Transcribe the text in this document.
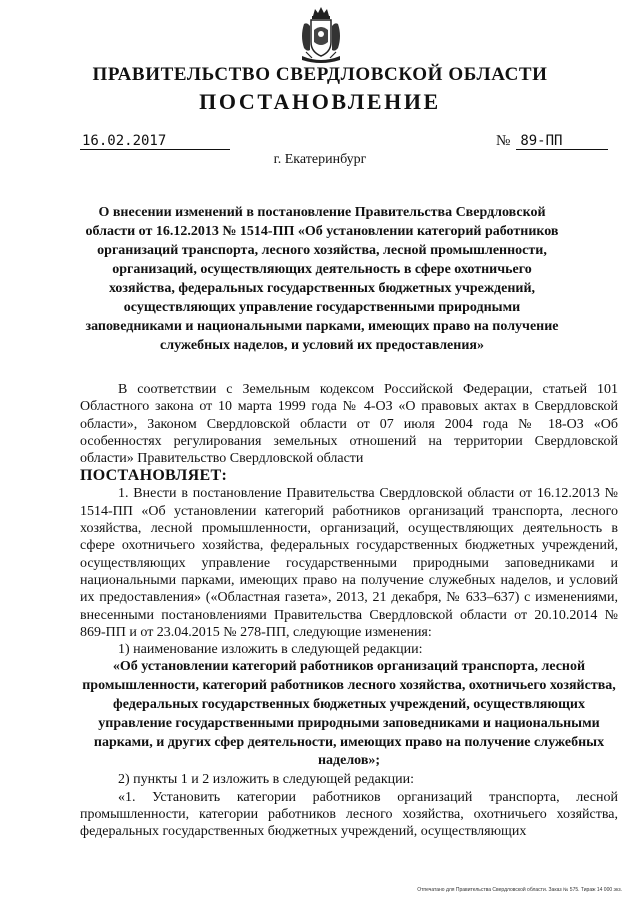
ПРАВИТЕЛЬСТВО СВЕРДЛОВСКОЙ ОБЛАСТИ
ПОСТАНОВЛЕНИЕ
16.02.2017	№ 89-ПП
г. Екатеринбург
О внесении изменений в постановление Правительства Свердловской области от 16.12.2013 № 1514-ПП «Об установлении категорий работников организаций транспорта, лесного хозяйства, лесной промышленности, организаций, осуществляющих деятельность в сфере охотничьего хозяйства, федеральных государственных бюджетных учреждений, осуществляющих управление государственными природными заповедниками и национальными парками, имеющих право на получение служебных наделов, и условий их предоставления»

В соответствии с Земельным кодексом Российской Федерации, статьей 101 Областного закона от 10 марта 1999 года № 4-ОЗ «О правовых актах в Свердловской области», Законом Свердловской области от 07 июля 2004 года № 18-ОЗ «Об особенностях регулирования земельных отношений на территории Свердловской области» Правительство Свердловской области

ПОСТАНОВЛЯЕТ:

1. Внести в постановление Правительства Свердловской области от 16.12.2013 № 1514-ПП «Об установлении категорий работников организаций транспорта, лесного хозяйства, лесной промышленности, организаций, осуществляющих деятельность в сфере охотничьего хозяйства, федеральных государственных бюджетных учреждений, осуществляющих управление государственными природными заповедниками и национальными парками, имеющих право на получение служебных наделов, и условий их предоставления» («Областная газета», 2013, 21 декабря, № 633–637) с изменениями, внесенными постановлениями Правительства Свердловской области от 20.10.2014 № 869-ПП и от 23.04.2015 № 278-ПП, следующие изменения:

1) наименование изложить в следующей редакции:

«Об установлении категорий работников организаций транспорта, лесной промышленности, категорий работников лесного хозяйства, охотничьего хозяйства, федеральных государственных бюджетных учреждений, осуществляющих управление государственными природными заповедниками и национальными парками, и других сфер деятельности, имеющих право на получение служебных наделов»;

2) пункты 1 и 2 изложить в следующей редакции:

«1. Установить категории работников организаций транспорта, лесной промышленности, категории работников лесного хозяйства, охотничьего хозяйства, федеральных государственных бюджетных учреждений, осуществляющих

Отпечатано для Правительства Свердловской области. Заказ № 575. Тираж 14 000 экз.
